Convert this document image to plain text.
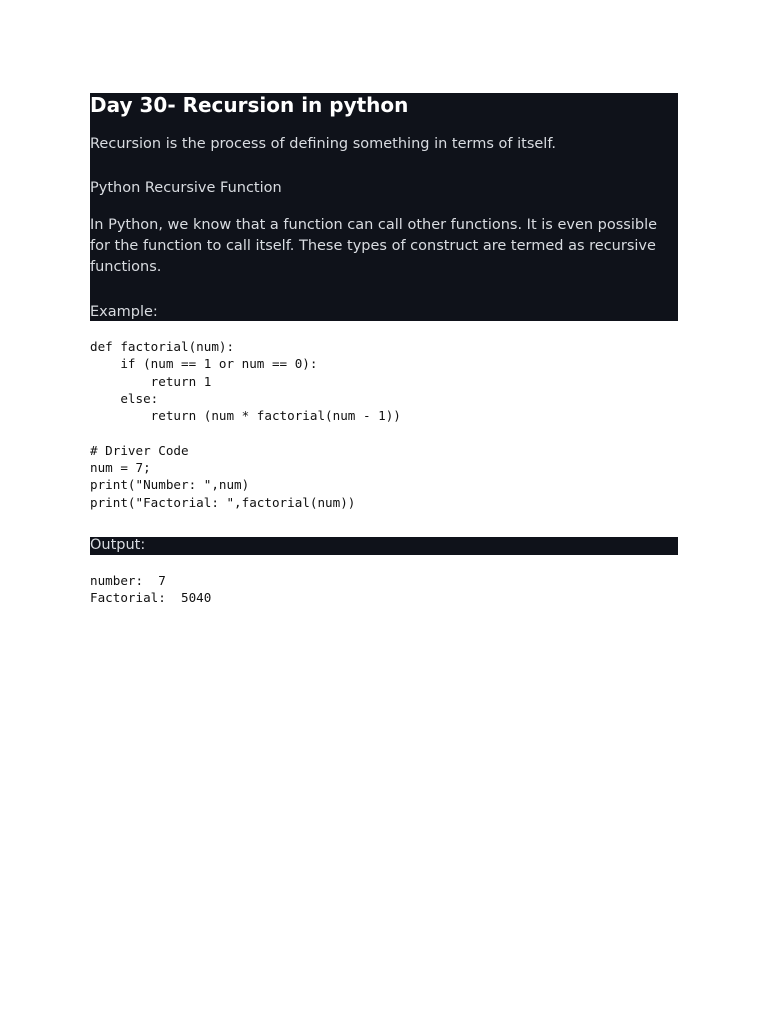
Day 30- Recursion in python

Recursion is the process of defining something in terms of itself.

Python Recursive Function

In Python, we know that a function can call other functions. It is even possible for the function to call itself. These types of construct are termed as recursive functions.

Example:

def factorial(num):
if (num == 1 or num == 0):
return 1
else:
return (num * factorial(num - 1))

# Driver Code
num = 7;
print("Number: ",num)
print("Factorial: ",factorial(num))

Output:

number:  7
Factorial:  5040
